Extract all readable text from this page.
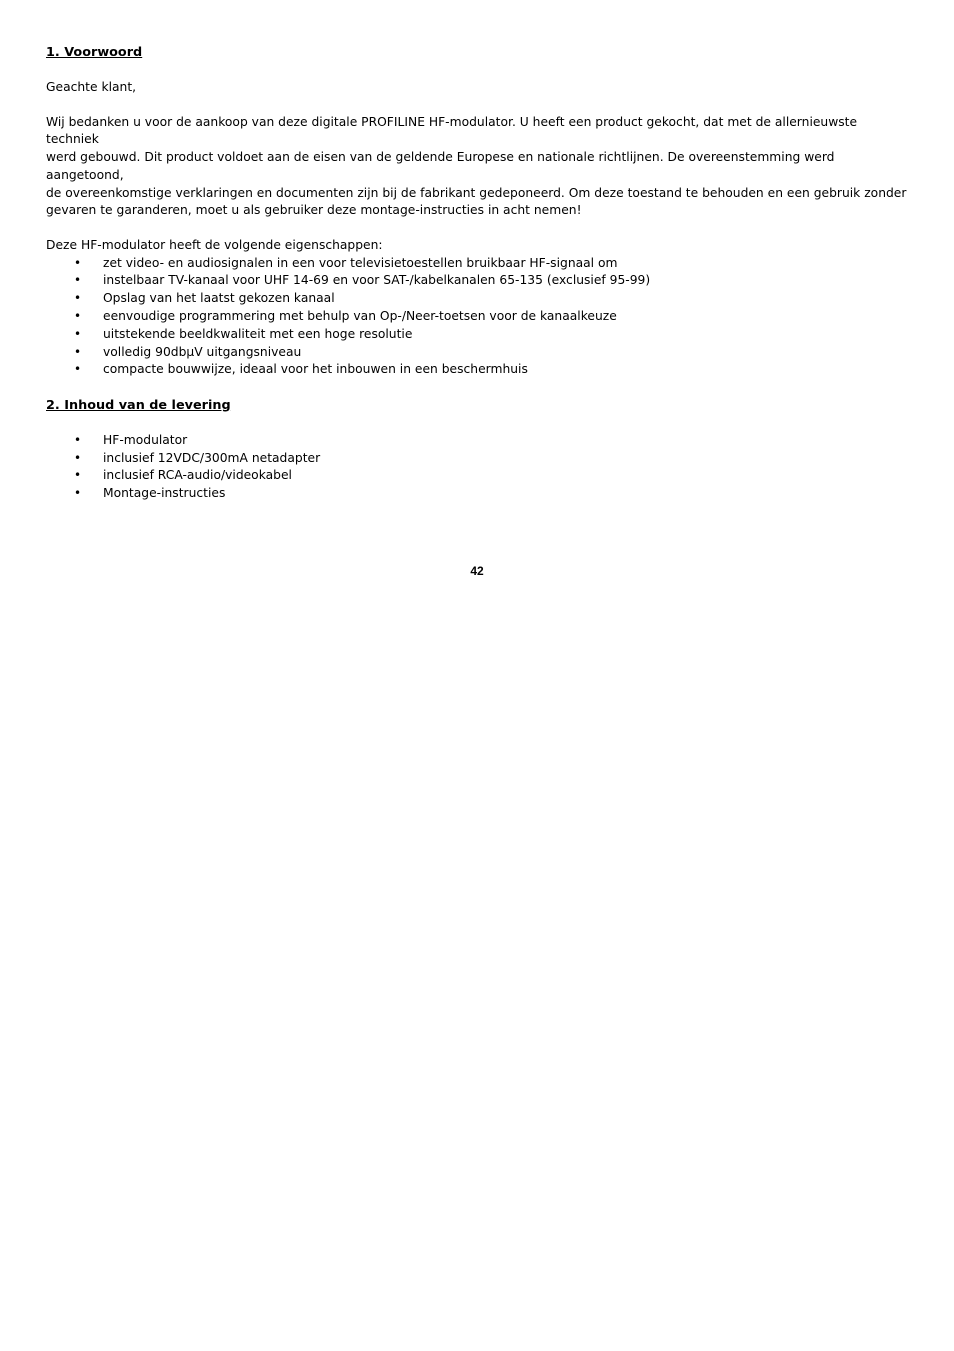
1. Voorwoord

Geachte klant,

Wij bedanken u voor de aankoop van deze digitale PROFILINE HF-modulator. U heeft een product gekocht, dat met de allernieuwste techniek
werd gebouwd. Dit product voldoet aan de eisen van de geldende Europese en nationale richtlijnen. De overeenstemming werd aangetoond,
de overeenkomstige verklaringen en documenten zijn bij de fabrikant gedeponeerd. Om deze toestand te behouden en een gebruik zonder
gevaren te garanderen, moet u als gebruiker deze montage-instructies in acht nemen!

Deze HF-modulator heeft de volgende eigenschappen:

• zet video- en audiosignalen in een voor televisietoestellen bruikbaar HF-signaal om
• instelbaar TV-kanaal voor UHF 14-69 en voor SAT-/kabelkanalen 65-135 (exclusief 95-99)
• Opslag van het laatst gekozen kanaal
• eenvoudige programmering met behulp van Op-/Neer-toetsen voor de kanaalkeuze
• uitstekende beeldkwaliteit met een hoge resolutie
• volledig 90dbµV uitgangsniveau
• compacte bouwwijze, ideaal voor het inbouwen in een beschermhuis

2. Inhoud van de levering

• HF-modulator
• inclusief 12VDC/300mA netadapter
• inclusief RCA-audio/videokabel
• Montage-instructies
42
